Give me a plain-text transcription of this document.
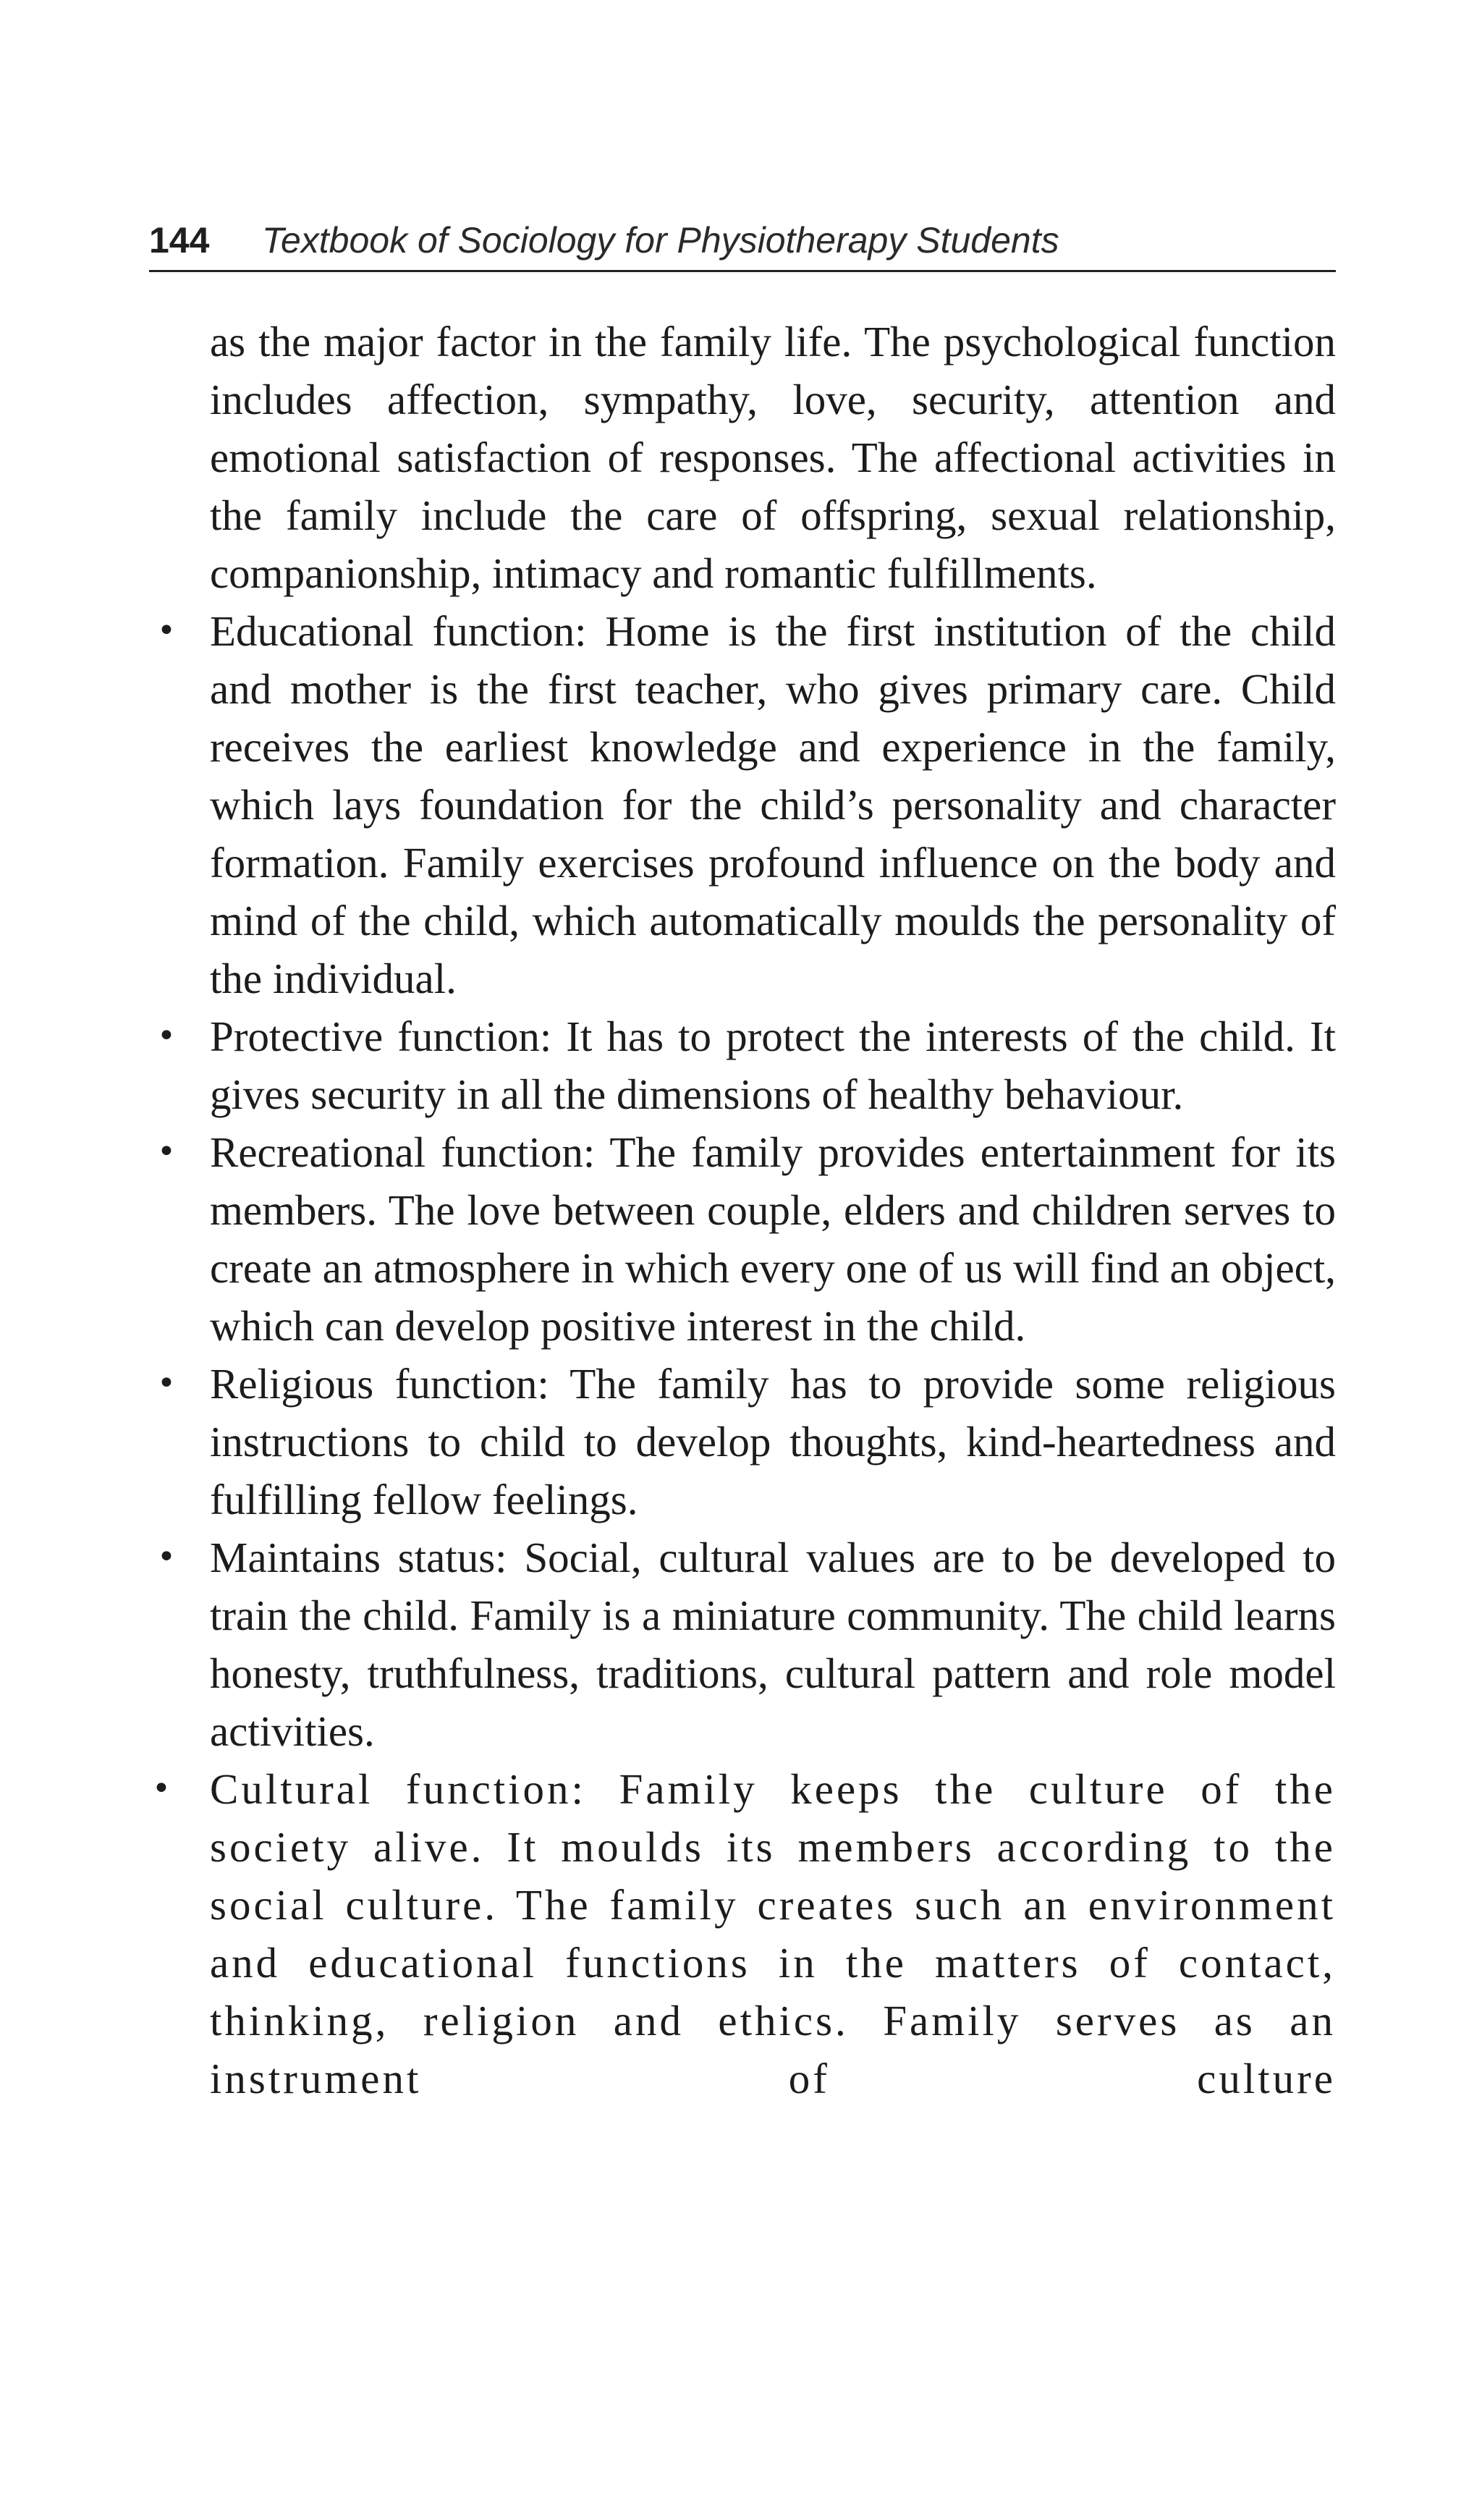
144 Textbook of Sociology for Physiotherapy Students

as the major factor in the family life. The psychological function includes affection, sympathy, love, security, attention and emotional satisfaction of responses. The affectional activities in the family include the care of offspring, sexual relationship, companionship, intimacy and romantic fulfillments.

• Educational function: Home is the first institution of the child and mother is the first teacher, who gives primary care. Child receives the earliest knowledge and experience in the family, which lays foundation for the child’s personality and character formation. Family exercises profound influence on the body and mind of the child, which automatically moulds the personality of the individual.
• Protective function: It has to protect the interests of the child. It gives security in all the dimensions of healthy behaviour.
• Recreational function: The family provides entertainment for its members. The love between couple, elders and children serves to create an atmosphere in which every one of us will find an object, which can develop positive interest in the child.
• Religious function: The family has to provide some religious instructions to child to develop thoughts, kind-heartedness and fulfilling fellow feelings.
• Maintains status: Social, cultural values are to be developed to train the child. Family is a miniature community. The child learns honesty, truthfulness, traditions, cultural pattern and role model activities.
• Cultural function: Family keeps the culture of the society alive. It moulds its members according to the social culture. The family creates such an environment and educational functions in the matters of contact, thinking, religion and ethics. Family serves as an instrument of culture
